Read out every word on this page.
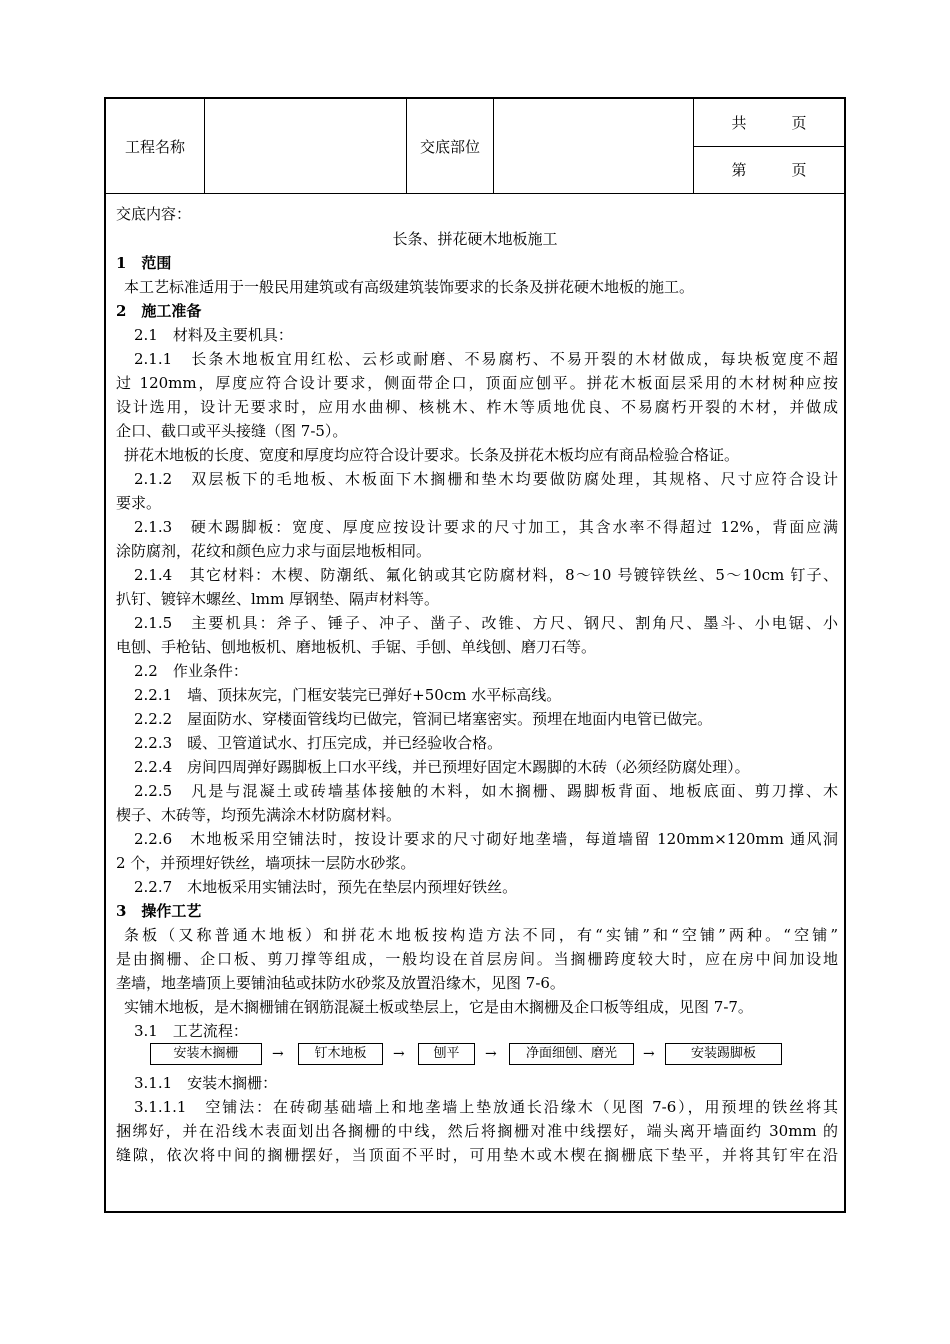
工程名称	交底部位
共　　　页
第　　　页
交底内容：
长条、拼花硬木地板施工
1　范围
本工艺标准适用于一般民用建筑或有高级建筑装饰要求的长条及拼花硬木地板的施工。
2　施工准备
2.1　材料及主要机具：
2.1.1　长条木地板宜用红松、云杉或耐磨、不易腐朽、不易开裂的木材做成，每块板宽度不超
过 120mm，厚度应符合设计要求，侧面带企口，顶面应刨平。拼花木板面层采用的木材树种应按
设计选用，设计无要求时，应用水曲柳、核桃木、柞木等质地优良、不易腐朽开裂的木材，并做成
企口、截口或平头接缝（图 7-5）。
拼花木地板的长度、宽度和厚度均应符合设计要求。长条及拼花木板均应有商品检验合格证。
2.1.2　双层板下的毛地板、木板面下木搁栅和垫木均要做防腐处理，其规格、尺寸应符合设计
要求。
2.1.3　硬木踢脚板：宽度、厚度应按设计要求的尺寸加工，其含水率不得超过 12%，背面应满
涂防腐剂，花纹和颜色应力求与面层地板相同。
2.1.4　其它材料：木楔、防潮纸、氟化钠或其它防腐材料，8～10 号镀锌铁丝、5～10cm 钉子、
扒钉、镀锌木螺丝、lmm 厚钢垫、隔声材料等。
2.1.5　主要机具：斧子、锤子、冲子、凿子、改锥、方尺、钢尺、割角尺、墨斗、小电锯、小
电刨、手枪钻、刨地板机、磨地板机、手锯、手刨、单线刨、磨刀石等。
2.2　作业条件：
2.2.1　墙、顶抹灰完，门框安装完已弹好+50cm 水平标高线。
2.2.2　屋面防水、穿楼面管线均已做完，管洞已堵塞密实。预埋在地面内电管已做完。
2.2.3　暖、卫管道试水、打压完成，并已经验收合格。
2.2.4　房间四周弹好踢脚板上口水平线，并已预埋好固定木踢脚的木砖（必须经防腐处理）。
2.2.5　凡是与混凝土或砖墙基体接触的木料，如木搁栅、踢脚板背面、地板底面、剪刀撑、木
楔子、木砖等，均预先满涂木材防腐材料。
2.2.6　木地板采用空铺法时，按设计要求的尺寸砌好地垄墙，每道墙留 120mm×120mm 通风洞
2 个，并预埋好铁丝，墙项抹一层防水砂浆。
2.2.7　木地板采用实铺法时，预先在垫层内预埋好铁丝。
3　操作工艺
条板（又称普通木地板）和拼花木地板按构造方法不同，有“实铺”和“空铺”两种。“空铺”
是由搁栅、企口板、剪刀撑等组成，一般均设在首层房间。当搁栅跨度较大时，应在房中间加设地
垄墙，地垄墙顶上要铺油毡或抹防水砂浆及放置沿缘木，见图 7-6。
实铺木地板，是木搁栅铺在钢筋混凝土板或垫层上，它是由木搁栅及企口板等组成，见图 7-7。
3.1　工艺流程：
安装木搁栅	→	钉木地板	→	刨平	→	净面细刨、磨光	→	安装踢脚板
3.1.1　安装木搁栅：
3.1.1.1　空铺法：在砖砌基础墙上和地垄墙上垫放通长沿缘木（见图 7-6），用预埋的铁丝将其
捆绑好，并在沿线木表面划出各搁栅的中线，然后将搁栅对准中线摆好，端头离开墙面约 30mm 的
缝隙，依次将中间的搁栅摆好，当顶面不平时，可用垫木或木楔在搁栅底下垫平，并将其钉牢在沿
